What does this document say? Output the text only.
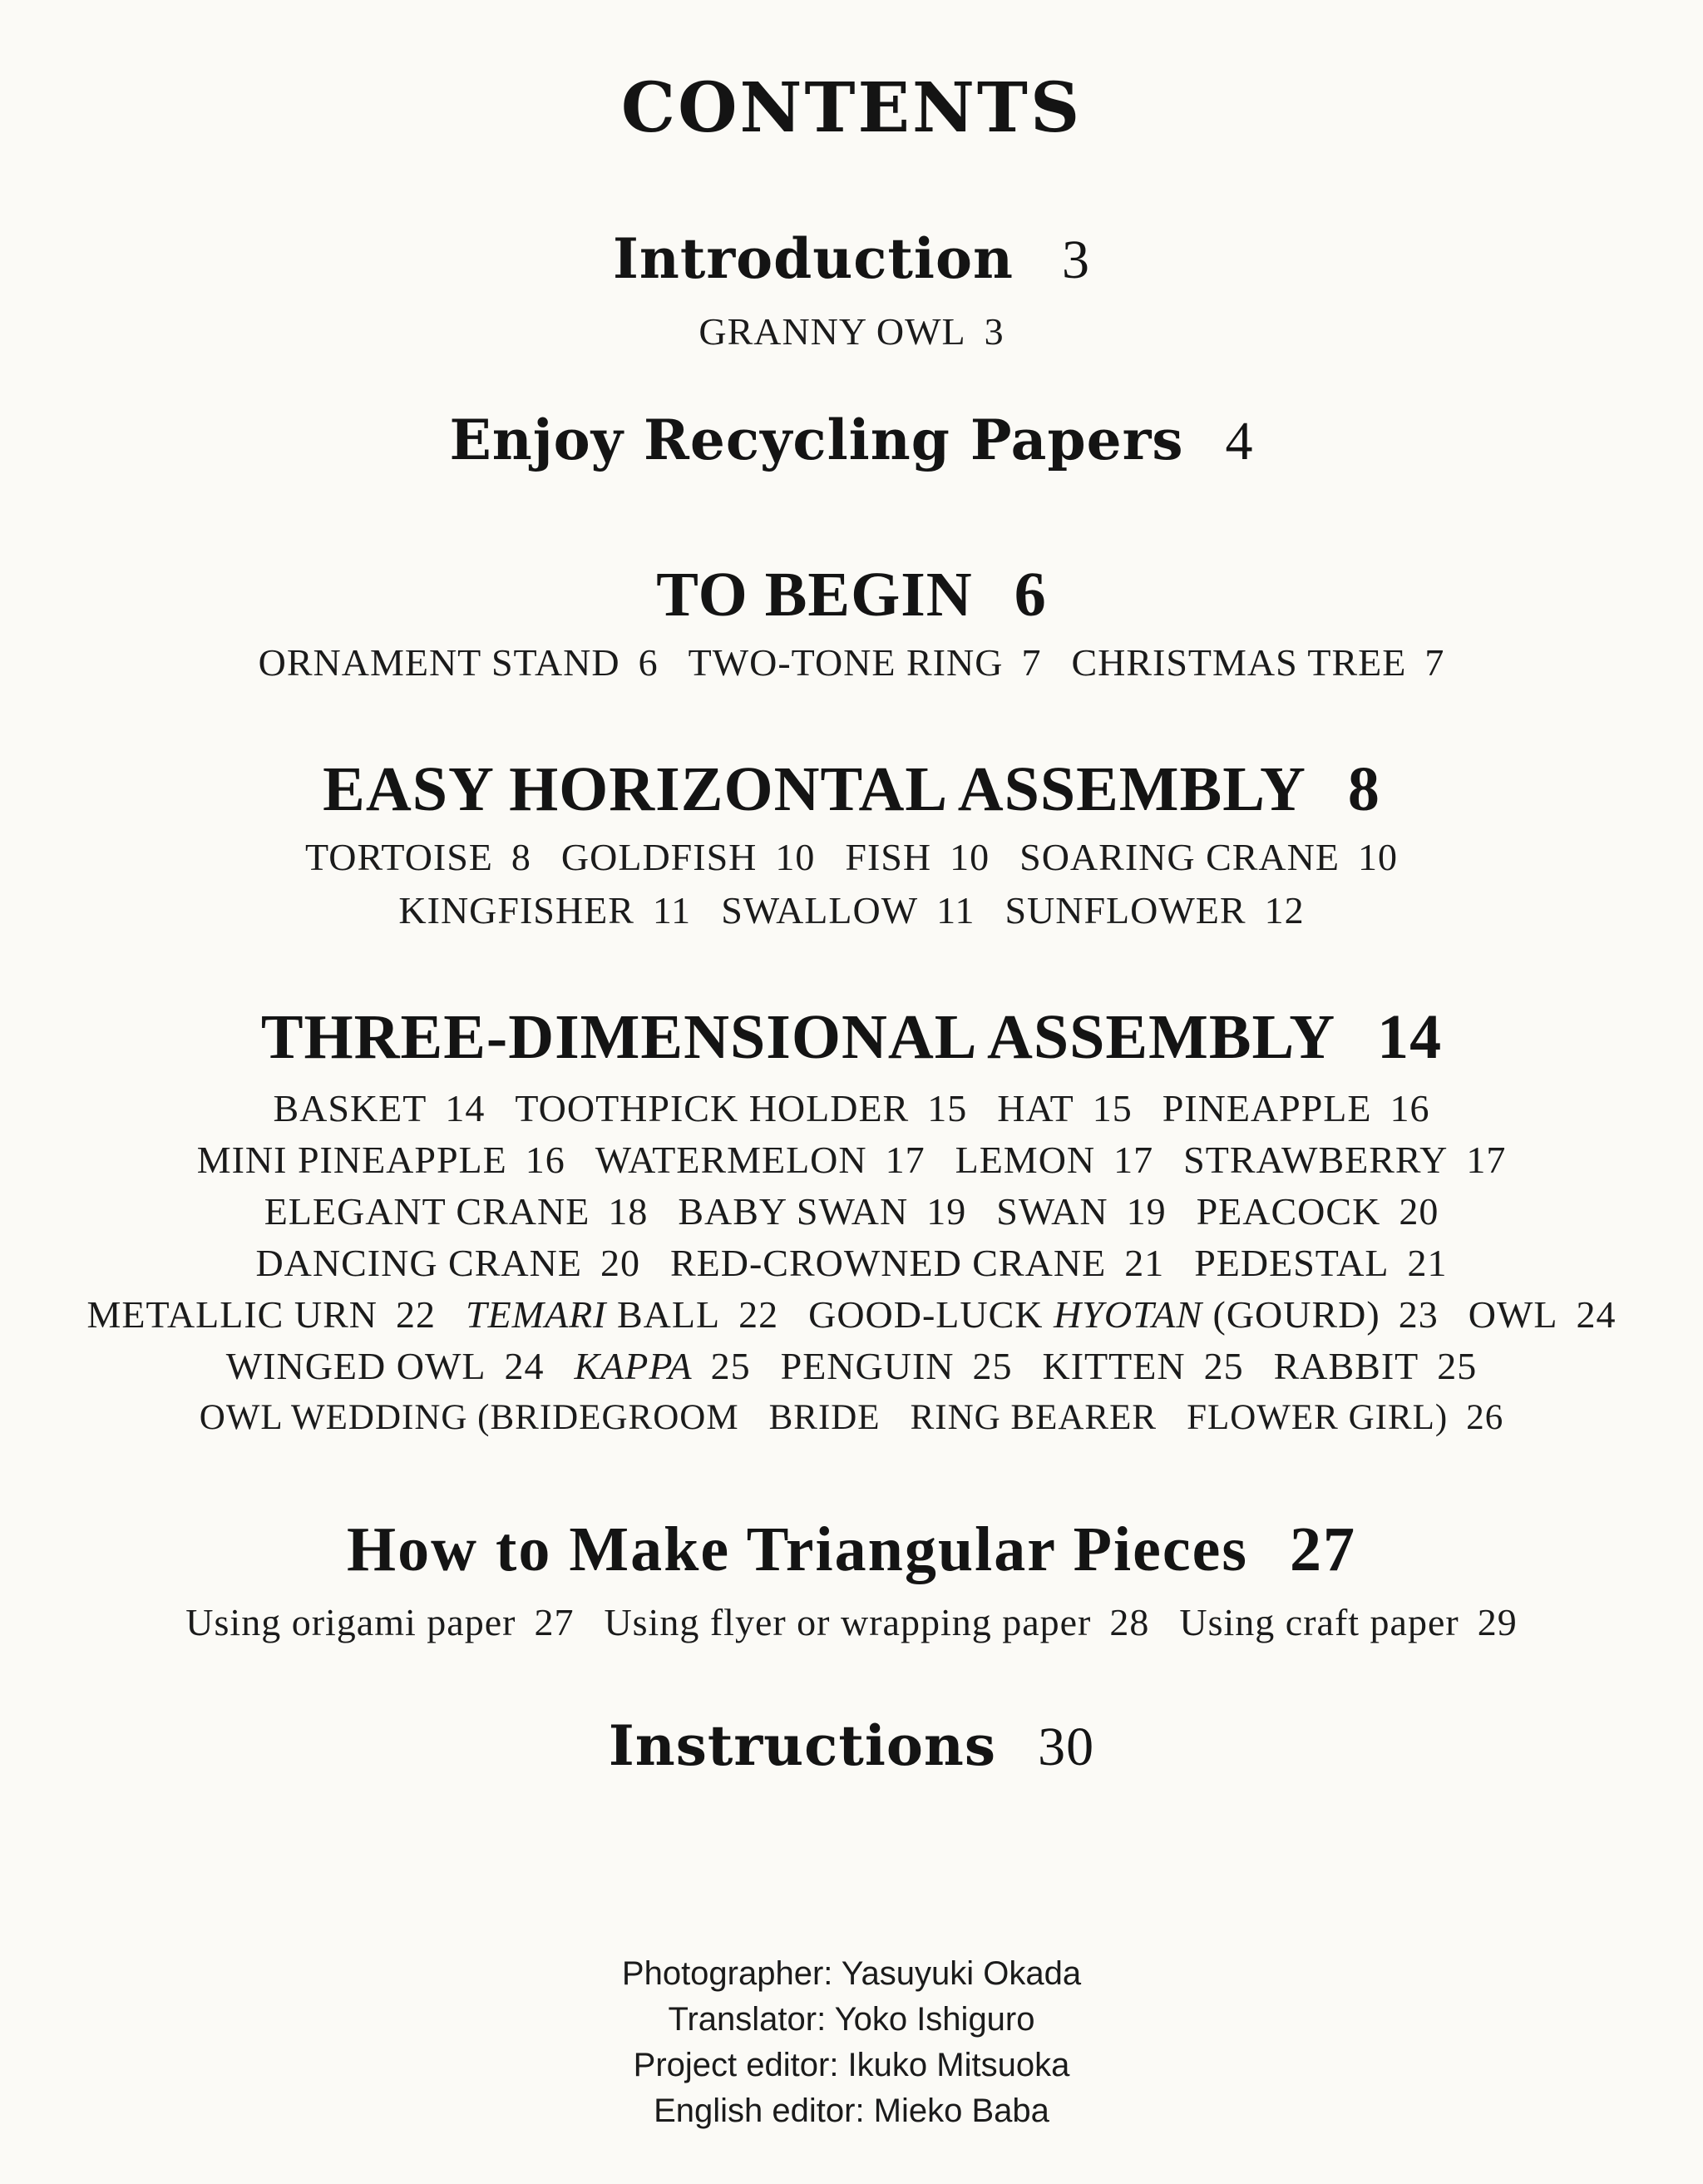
CONTENTS
Introduction 3
GRANNY OWL 3
Enjoy Recycling Papers 4
TO BEGIN 6
ORNAMENT STAND 6 TWO-TONE RING 7 CHRISTMAS TREE 7
EASY HORIZONTAL ASSEMBLY 8
TORTOISE 8 GOLDFISH 10 FISH 10 SOARING CRANE 10
KINGFISHER 11 SWALLOW 11 SUNFLOWER 12
THREE-DIMENSIONAL ASSEMBLY 14
BASKET 14 TOOTHPICK HOLDER 15 HAT 15 PINEAPPLE 16
MINI PINEAPPLE 16 WATERMELON 17 LEMON 17 STRAWBERRY 17
ELEGANT CRANE 18 BABY SWAN 19 SWAN 19 PEACOCK 20
DANCING CRANE 20 RED-CROWNED CRANE 21 PEDESTAL 21
METALLIC URN 22 TEMARI BALL 22 GOOD-LUCK HYOTAN (GOURD) 23 OWL 24
WINGED OWL 24 KAPPA 25 PENGUIN 25 KITTEN 25 RABBIT 25
OWL WEDDING (BRIDEGROOM BRIDE RING BEARER FLOWER GIRL) 26
How to Make Triangular Pieces 27
Using origami paper 27 Using flyer or wrapping paper 28 Using craft paper 29
Instructions 30
Photographer: Yasuyuki Okada
Translator: Yoko Ishiguro
Project editor: Ikuko Mitsuoka
English editor: Mieko Baba
